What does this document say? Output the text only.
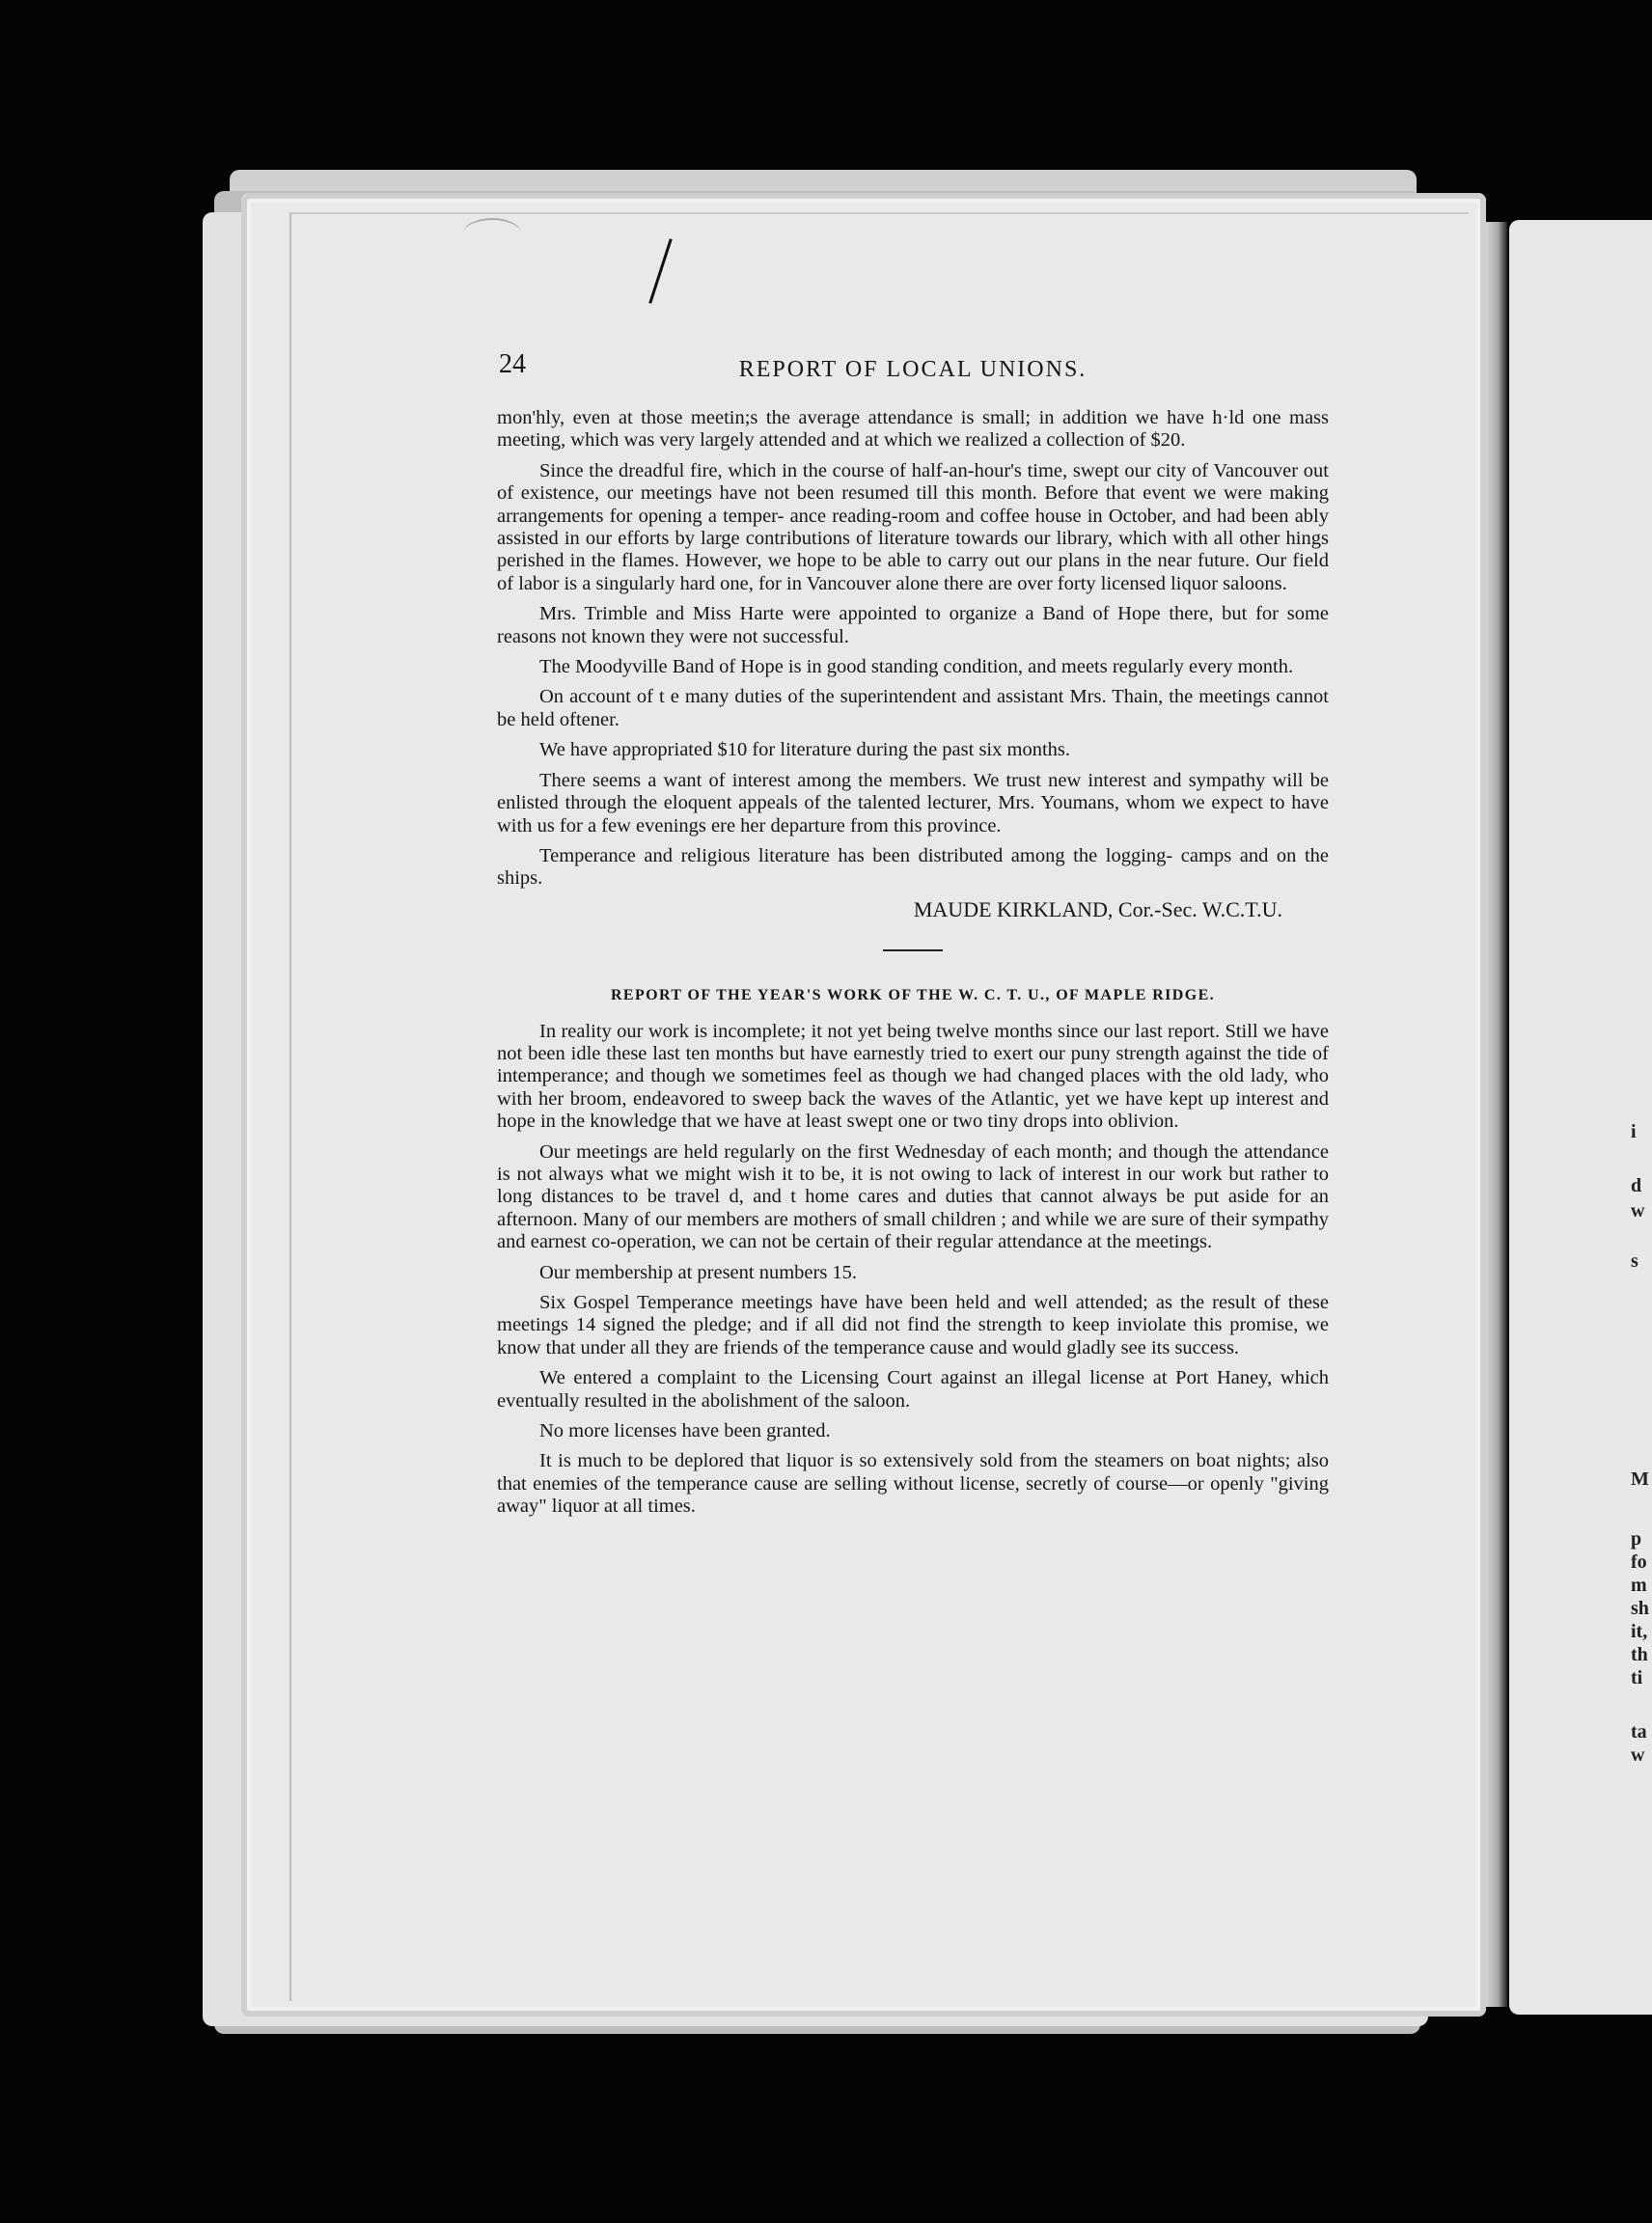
24	REPORT OF LOCAL UNIONS.

mon'hly, even at those meetin;s the average attendance is small; in addition we have h·ld one mass meeting, which was very largely attended and at which we realized a collection of $20.

Since the dreadful fire, which in the course of half-an-hour's time, swept our city of Vancouver out of existence, our meetings have not been resumed till this month. Before that event we were making arrangements for opening a temper- ance reading-room and coffee house in October, and had been ably assisted in our efforts by large contributions of literature towards our library, which with all other hings perished in the flames. However, we hope to be able to carry out our plans in the near future. Our field of labor is a singularly hard one, for in Vancouver alone there are over forty licensed liquor saloons.

Mrs. Trimble and Miss Harte were appointed to organize a Band of Hope there, but for some reasons not known they were not successful.

The Moodyville Band of Hope is in good standing condition, and meets regularly every month.

On account of t e many duties of the superintendent and assistant Mrs. Thain, the meetings cannot be held oftener.

We have appropriated $10 for literature during the past six months.

There seems a want of interest among the members. We trust new interest and sympathy will be enlisted through the eloquent appeals of the talented lecturer, Mrs. Youmans, whom we expect to have with us for a few evenings ere her departure from this province.

Temperance and religious literature has been distributed among the logging- camps and on the ships.

MAUDE KIRKLAND, Cor.-Sec. W.C.T.U.
REPORT OF THE YEAR'S WORK OF THE W. C. T. U., OF MAPLE RIDGE.

In reality our work is incomplete; it not yet being twelve months since our last report. Still we have not been idle these last ten months but have earnestly tried to exert our puny strength against the tide of intemperance; and though we sometimes feel as though we had changed places with the old lady, who with her broom, endeavored to sweep back the waves of the Atlantic, yet we have kept up interest and hope in the knowledge that we have at least swept one or two tiny drops into oblivion.

Our meetings are held regularly on the first Wednesday of each month; and though the attendance is not always what we might wish it to be, it is not owing to lack of interest in our work but rather to long distances to be travel d, and t home cares and duties that cannot always be put aside for an afternoon. Many of our members are mothers of small children ; and while we are sure of their sympathy and earnest co-operation, we can not be certain of their regular attendance at the meetings.

Our membership at present numbers 15.

Six Gospel Temperance meetings have have been held and well attended; as the result of these meetings 14 signed the pledge; and if all did not find the strength to keep inviolate this promise, we know that under all they are friends of the temperance cause and would gladly see its success.

We entered a complaint to the Licensing Court against an illegal license at Port Haney, which eventually resulted in the abolishment of the saloon.

No more licenses have been granted.

It is much to be deplored that liquor is so extensively sold from the steamers on boat nights; also that enemies of the temperance cause are selling without license, secretly of course—or openly "giving away" liquor at all times.

i
d
w
s
M
p
fo
m
sh
it,
th
ti
ta
w
